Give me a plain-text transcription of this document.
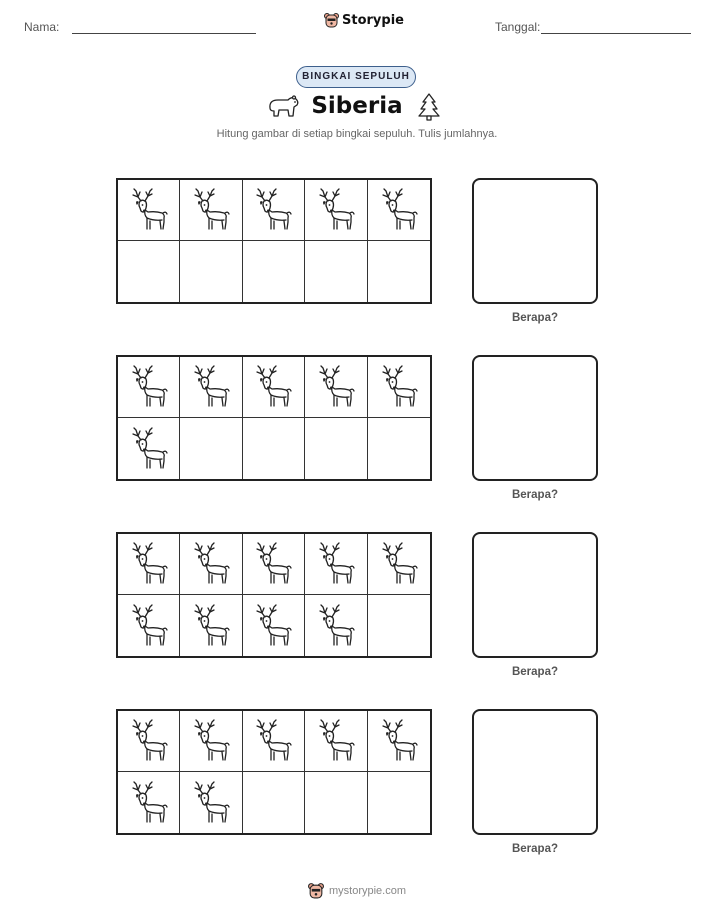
Nama:	Storypie	Tanggal:
BINGKAI SEPULUH
Siberia
Hitung gambar di setiap bingkai sepuluh. Tulis jumlahnya.
Berapa?
Berapa?
Berapa?
Berapa?
mystorypie.com
